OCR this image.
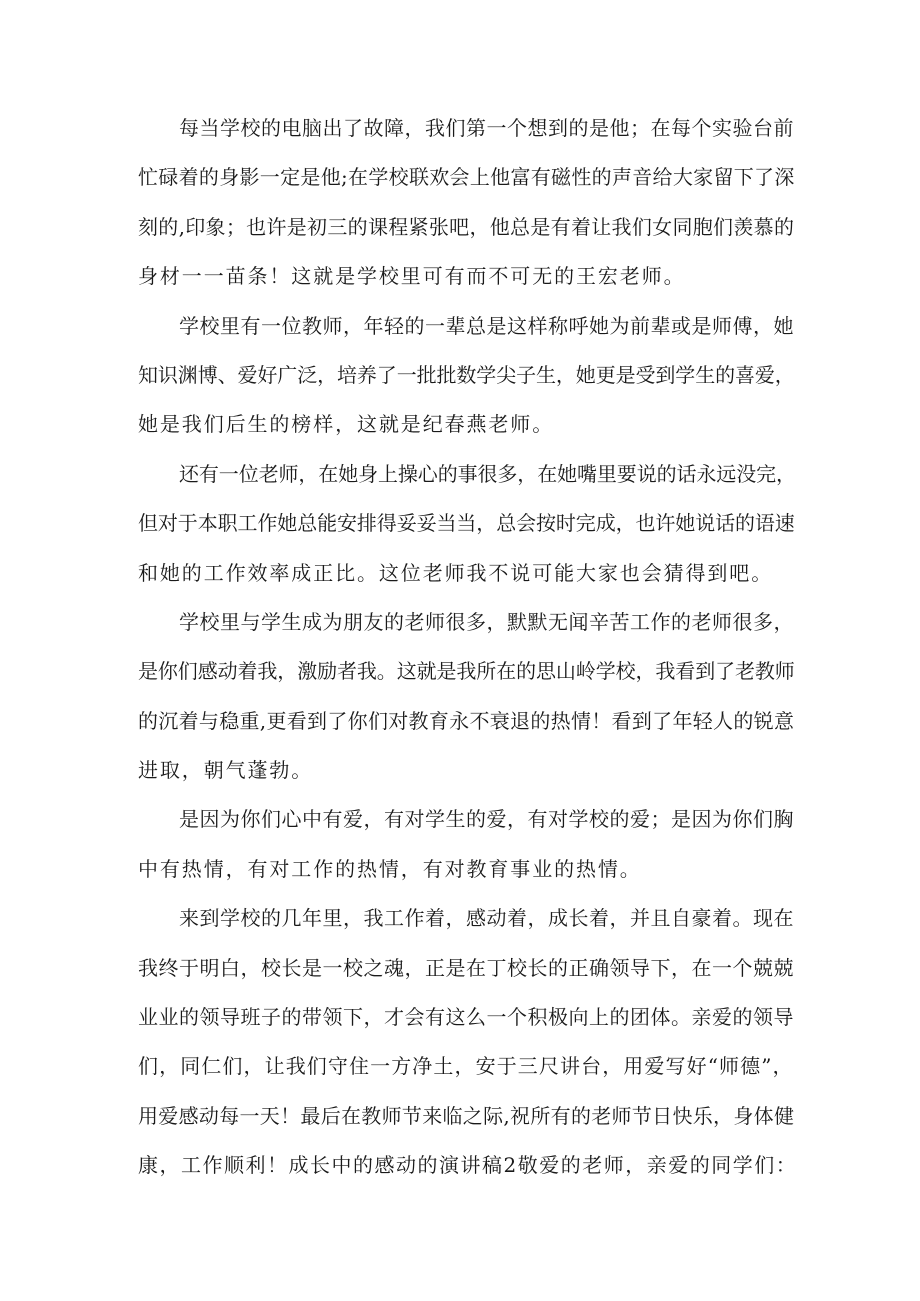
每当学校的电脑出了故障，我们第一个想到的是他；在每个实验台前
忙碌着的身影一定是他;在学校联欢会上他富有磁性的声音给大家留下了深
刻的,印象；也许是初三的课程紧张吧，他总是有着让我们女同胞们羡慕的
身材一一苗条！这就是学校里可有而不可无的王宏老师。

学校里有一位教师，年轻的一辈总是这样称呼她为前辈或是师傅，她
知识渊博、爱好广泛，培养了一批批数学尖子生，她更是受到学生的喜爱，
她是我们后生的榜样，这就是纪春燕老师。

还有一位老师，在她身上操心的事很多，在她嘴里要说的话永远没完，
但对于本职工作她总能安排得妥妥当当，总会按时完成，也许她说话的语速
和她的工作效率成正比。这位老师我不说可能大家也会猜得到吧。

学校里与学生成为朋友的老师很多，默默无闻辛苦工作的老师很多，
是你们感动着我，激励者我。这就是我所在的思山岭学校，我看到了老教师
的沉着与稳重,更看到了你们对教育永不衰退的热情！看到了年轻人的锐意
进取，朝气蓬勃。

是因为你们心中有爱，有对学生的爱，有对学校的爱；是因为你们胸
中有热情，有对工作的热情，有对教育事业的热情。

来到学校的几年里，我工作着，感动着，成长着，并且自豪着。现在
我终于明白，校长是一校之魂，正是在丁校长的正确领导下，在一个兢兢
业业的领导班子的带领下，才会有这么一个积极向上的团体。亲爱的领导
们，同仁们，让我们守住一方净土，安于三尺讲台，用爱写好“师德”，
用爱感动每一天！最后在教师节来临之际,祝所有的老师节日快乐，身体健
康，工作顺利！成长中的感动的演讲稿2敬爱的老师，亲爱的同学们：
